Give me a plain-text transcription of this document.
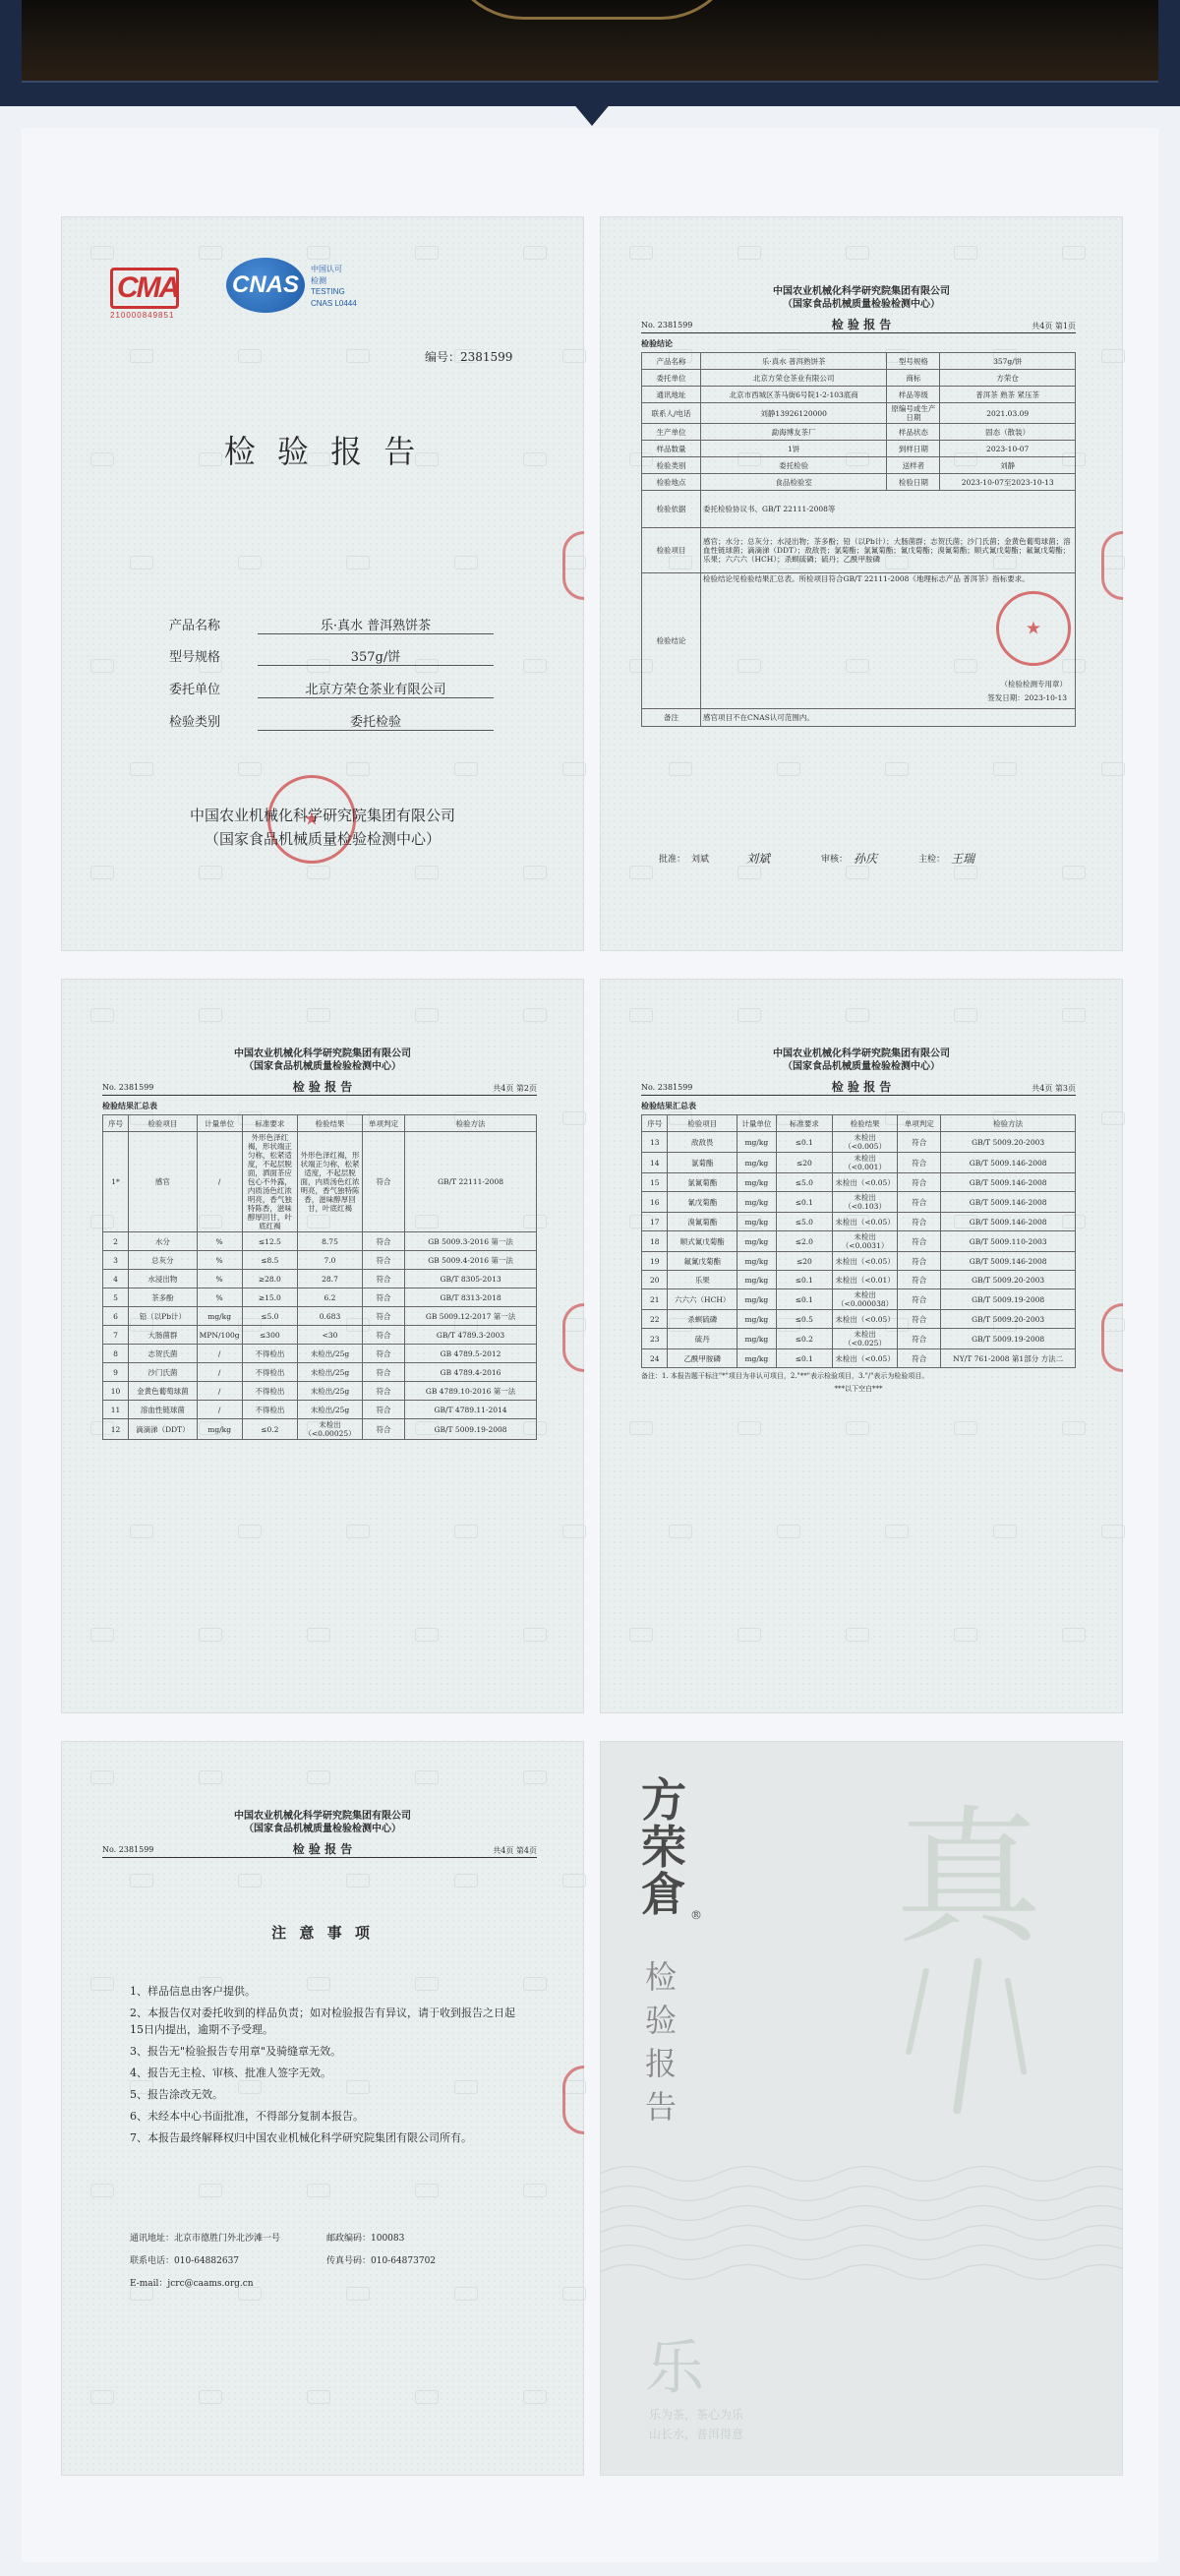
CMA
210000849851
CNAS
中国认可
检测
TESTING
CNAS L0444
编号：2381599
检 验 报 告
产品名称	乐·真水 普洱熟饼茶
型号规格	357g/饼
委托单位	北京方荣仓茶业有限公司
检验类别	委托检验
★
中国农业机械化科学研究院集团有限公司
（国家食品机械质量检验检测中心）
中国农业机械化科学研究院集团有限公司
（国家食品机械质量检验检测中心）
No. 2381599	检 验 报 告	共4页 第1页
检验结论
产品名称	乐·真水 普洱熟饼茶	型号规格	357g/饼
委托单位	北京方荣仓茶业有限公司	商标	方荣仓
通讯地址	北京市西城区茶马街6号院1-2-103底商	样品等级	普洱茶 熟茶 紧压茶
联系人/电话	刘静13926120000	原编号或生产日期	2021.03.09
生产单位	勐海博友茶厂	样品状态	固态（散装）
样品数量	1饼	到样日期	2023-10-07
检验类别	委托检验	送样者	刘静
检验地点	食品检验室	检验日期	2023-10-07至2023-10-13
检验依据	委托检验协议书、GB/T 22111-2008等
检验项目	感官；水分；总灰分；水浸出物；茶多酚；铅（以Pb计）；大肠菌群；志贺氏菌；沙门氏菌；金黄色葡萄球菌；溶血性链球菌；滴滴涕（DDT）；敌敌畏；氯菊酯；氯氰菊酯；氰戊菊酯；溴氰菊酯；顺式氰戊菊酯；氟氰戊菊酯；乐果；六六六（HCH）；杀螟硫磷；硫丹；乙酰甲胺磷
检验结论	检验结论见检验结果汇总表。所检项目符合GB/T 22111-2008《地理标志产品 普洱茶》指标要求。
★
（检验检测专用章）
签发日期：2023-10-13

备注	感官项目不在CNAS认可范围内。
批准： 刘斌	刘斌	审核： 孙庆	主检： 王瑞
中国农业机械化科学研究院集团有限公司
（国家食品机械质量检验检测中心）
No. 2381599	检 验 报 告	共4页 第2页
检验结果汇总表
序号	检验项目	计量单位	标准要求	检验结果	单项判定	检验方法
1*	感官	/	外形色泽红褐，形状端正匀称，松紧适度，不起层脱面，洒面茶应包心不外露，内质汤色红浓明亮，香气独特陈香，滋味醇厚回甘，叶底红褐	外形色泽红褐，形状端正匀称，松紧适度，不起层脱面，内质汤色红浓明亮，香气独特陈香，滋味醇厚回甘，叶底红褐	符合	GB/T 22111-2008
2	水分	%	≤12.5	8.75	符合	GB 5009.3-2016 第一法
3	总灰分	%	≤8.5	7.0	符合	GB 5009.4-2016 第一法
4	水浸出物	%	≥28.0	28.7	符合	GB/T 8305-2013
5	茶多酚	%	≥15.0	6.2	符合	GB/T 8313-2018
6	铅（以Pb计）	mg/kg	≤5.0	0.683	符合	GB 5009.12-2017 第一法
7	大肠菌群	MPN/100g	≤300	<30	符合	GB/T 4789.3-2003
8	志贺氏菌	/	不得检出	未检出/25g	符合	GB 4789.5-2012
9	沙门氏菌	/	不得检出	未检出/25g	符合	GB 4789.4-2016
10	金黄色葡萄球菌	/	不得检出	未检出/25g	符合	GB 4789.10-2016 第一法
11	溶血性链球菌	/	不得检出	未检出/25g	符合	GB/T 4789.11-2014
12	滴滴涕（DDT）	mg/kg	≤0.2	未检出（<0.00025）	符合	GB/T 5009.19-2008
中国农业机械化科学研究院集团有限公司
（国家食品机械质量检验检测中心）
No. 2381599	检 验 报 告	共4页 第3页
检验结果汇总表
序号	检验项目	计量单位	标准要求	检验结果	单项判定	检验方法
13	敌敌畏	mg/kg	≤0.1	未检出（<0.005）	符合	GB/T 5009.20-2003
14	氯菊酯	mg/kg	≤20	未检出（<0.001）	符合	GB/T 5009.146-2008
15	氯氰菊酯	mg/kg	≤5.0	未检出（<0.05）	符合	GB/T 5009.146-2008
16	氰戊菊酯	mg/kg	≤0.1	未检出（<0.103）	符合	GB/T 5009.146-2008
17	溴氰菊酯	mg/kg	≤5.0	未检出（<0.05）	符合	GB/T 5009.146-2008
18	顺式氰戊菊酯	mg/kg	≤2.0	未检出（<0.0031）	符合	GB/T 5009.110-2003
19	氟氰戊菊酯	mg/kg	≤20	未检出（<0.05）	符合	GB/T 5009.146-2008
20	乐果	mg/kg	≤0.1	未检出（<0.01）	符合	GB/T 5009.20-2003
21	六六六（HCH）	mg/kg	≤0.1	未检出（<0.000038）	符合	GB/T 5009.19-2008
22	杀螟硫磷	mg/kg	≤0.5	未检出（<0.05）	符合	GB/T 5009.20-2003
23	硫丹	mg/kg	≤0.2	未检出（<0.025）	符合	GB/T 5009.19-2008
24	乙酰甲胺磷	mg/kg	≤0.1	未检出（<0.05）	符合	NY/T 761-2008 第1部分 方法二
备注：1. 本报告题干标注"*"项目为非认可项目，2."**"表示检验项目，3."/"表示为检验项目。
***以下空白***
中国农业机械化科学研究院集团有限公司
（国家食品机械质量检验检测中心）
No. 2381599	检 验 报 告	共4页 第4页
注 意 事 项
1、样品信息由客户提供。
2、本报告仅对委托收到的样品负责；如对检验报告有异议，请于收到报告之日起15日内提出，逾期不予受理。
3、报告无"检验报告专用章"及骑缝章无效。
4、报告无主检、审核、批准人签字无效。
5、报告涂改无效。
6、未经本中心书面批准，不得部分复制本报告。
7、本报告最终解释权归中国农业机械化科学研究院集团有限公司所有。
通讯地址：北京市德胜门外北沙滩一号	邮政编码：100083
联系电话：010-64882637	传真号码：010-64873702
E-mail：jcrc@caams.org.cn
方荣倉 ®
检
验
报
告
真
乐
乐为茶，茶心为乐
山长水，普洱得意
